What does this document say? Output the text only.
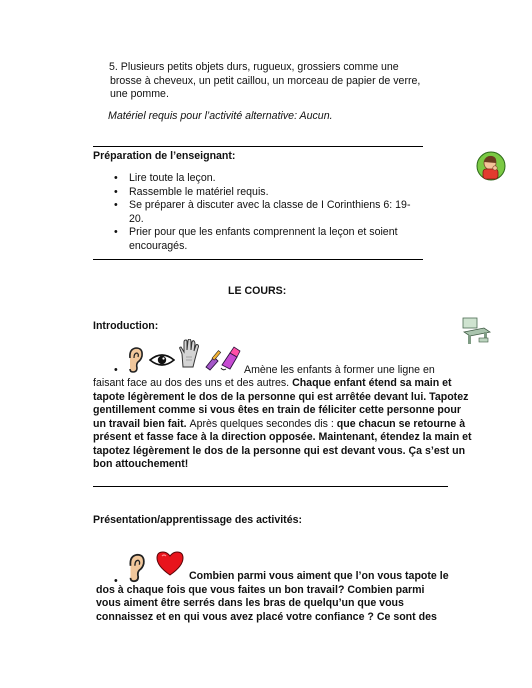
5. Plusieurs petits objets durs, rugueux, grossiers comme une
brosse à cheveux, un petit caillou, un morceau de papier de verre,
une pomme.
Matériel requis pour l’activité alternative: Aucun.
Préparation de l’enseignant:
• Lire toute la leçon.
• Rassemble le matériel requis.
• Se préparer à discuter avec la classe de I Corinthiens 6: 19-20.
• Prier pour que les enfants comprennent la leçon et soient encouragés.
LE COURS:
Introduction:
•	Amène les enfants à former une ligne en
faisant face au dos des uns et des autres. Chaque enfant étend sa main et
tapote légèrement le dos de la personne qui est arrêtée devant lui. Tapotez
gentillement comme si vous êtes en train de féliciter cette personne pour
un travail bien fait. Après quelques secondes dis : que chacun se retourne à
présent et fasse face à la direction opposée. Maintenant, étendez la main et
tapotez légèrement le dos de la personne qui est devant vous. Ça s’est un
bon attouchement!
Présentation/apprentissage des activités:
•	Combien parmi vous aiment que l’on vous tapote le
dos à chaque fois que vous faites un bon travail? Combien parmi
vous aiment être serrés dans les bras de quelqu’un que vous
connaissez et en qui vous avez placé votre confiance ? Ce sont des
